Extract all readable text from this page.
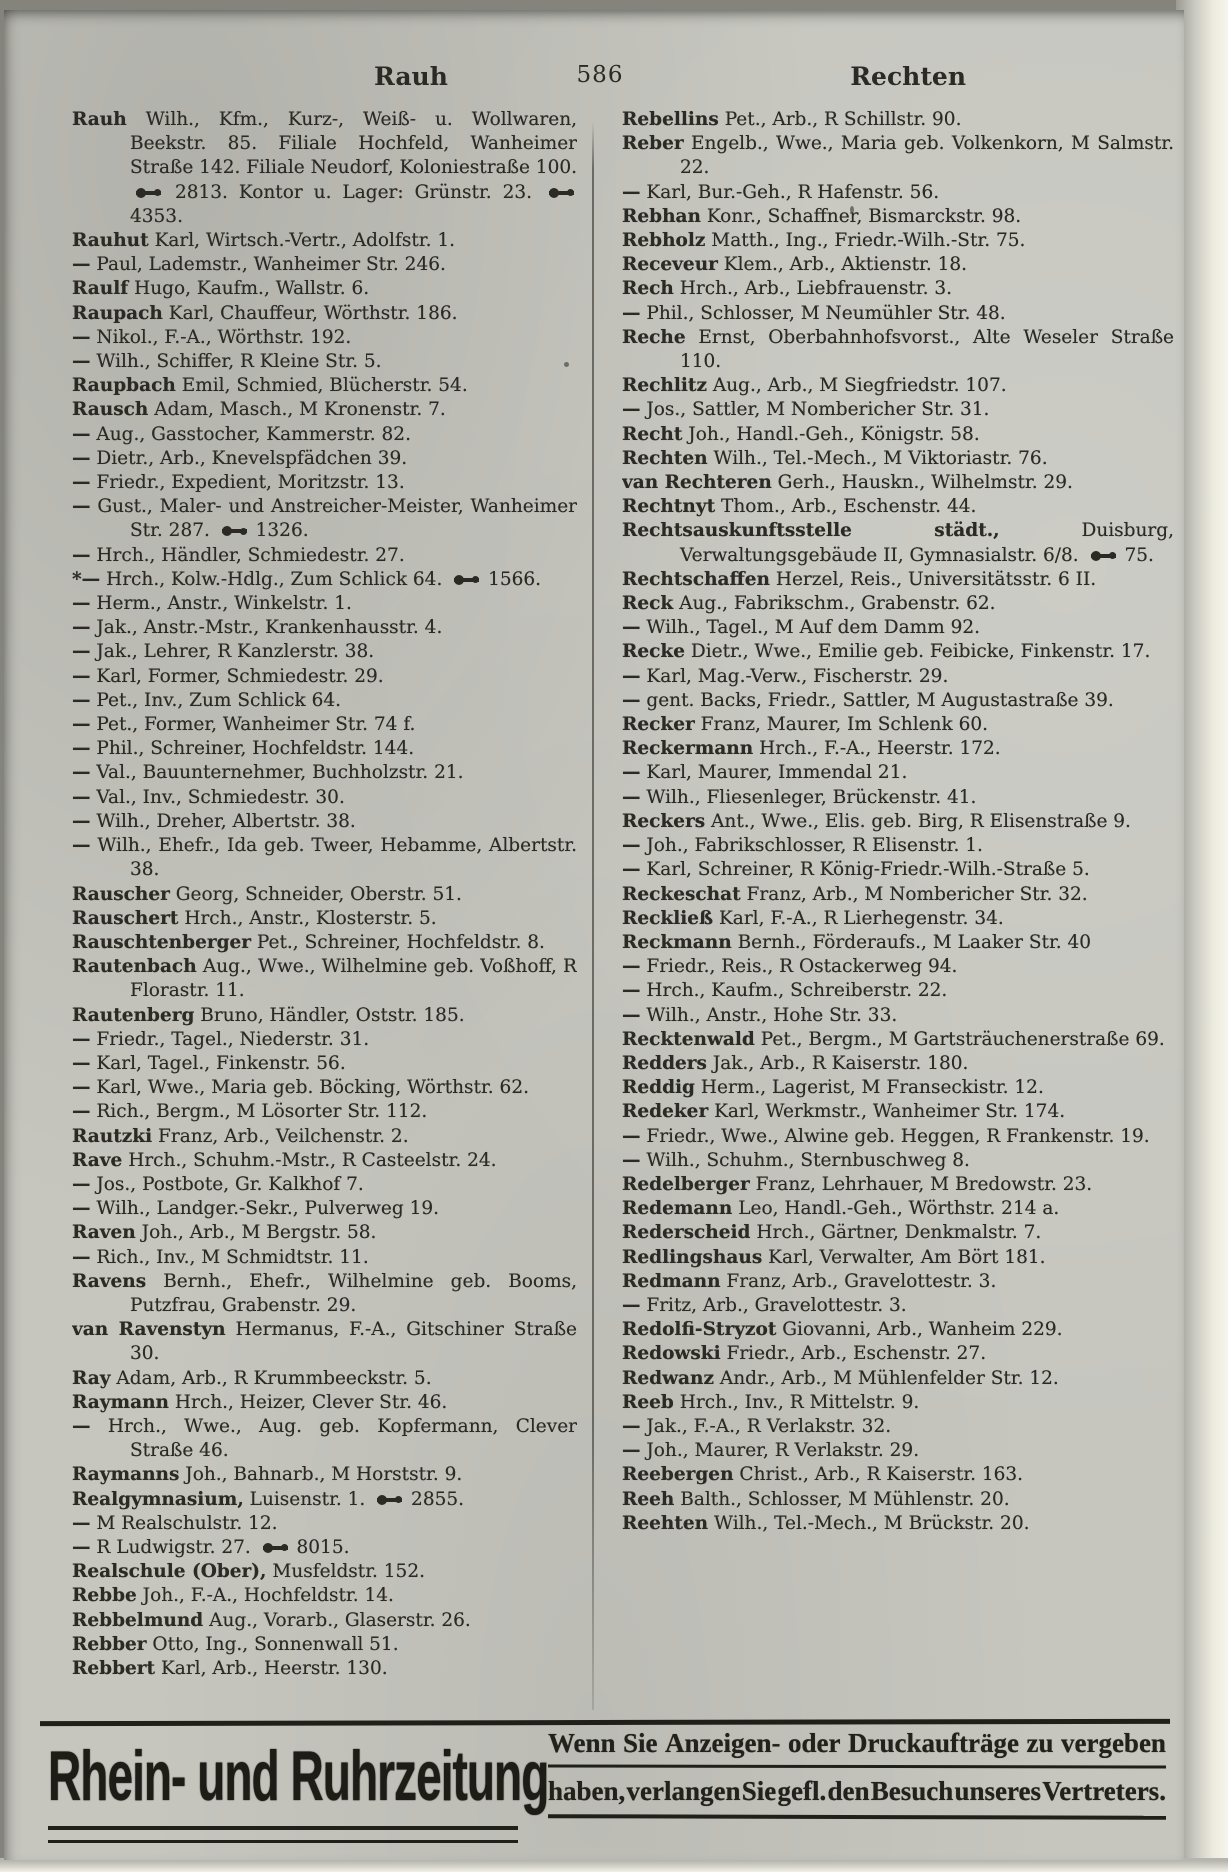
Rauh	586	Rechten

Rauh Wilh., Kfm., Kurz-, Weiß- u. Wollwaren, Beekstr. 85. Filiale Hochfeld, Wanheimer Straße 142. Filiale Neudorf, Koloniestraße 100.  2813. Kontor u. Lager: Grünstr. 23.  4353.

Rauhut Karl, Wirtsch.-Vertr., Adolfstr. 1.

— Paul, Lademstr., Wanheimer Str. 246.

Raulf Hugo, Kaufm., Wallstr. 6.

Raupach Karl, Chauffeur, Wörthstr. 186.

— Nikol., F.-A., Wörthstr. 192.

— Wilh., Schiffer, R Kleine Str. 5.

Raupbach Emil, Schmied, Blücherstr. 54.

Rausch Adam, Masch., M Kronenstr. 7.

— Aug., Gasstocher, Kammerstr. 82.

— Dietr., Arb., Knevelspfädchen 39.

— Friedr., Expedient, Moritzstr. 13.

— Gust., Maler- und Anstreicher-Meister, Wanheimer Str. 287.  1326.

— Hrch., Händler, Schmiedestr. 27.

*— Hrch., Kolw.-Hdlg., Zum Schlick 64.  1566.

— Herm., Anstr., Winkelstr. 1.

— Jak., Anstr.-Mstr., Krankenhausstr. 4.

— Jak., Lehrer, R Kanzlerstr. 38.

— Karl, Former, Schmiedestr. 29.

— Pet., Inv., Zum Schlick 64.

— Pet., Former, Wanheimer Str. 74 f.

— Phil., Schreiner, Hochfeldstr. 144.

— Val., Bauunternehmer, Buchholzstr. 21.

— Val., Inv., Schmiedestr. 30.

— Wilh., Dreher, Albertstr. 38.

— Wilh., Ehefr., Ida geb. Tweer, Hebamme, Albertstr. 38.

Rauscher Georg, Schneider, Oberstr. 51.

Rauschert Hrch., Anstr., Klosterstr. 5.

Rauschtenberger Pet., Schreiner, Hochfeldstr. 8.

Rautenbach Aug., Wwe., Wilhelmine geb. Voßhoff, R Florastr. 11.

Rautenberg Bruno, Händler, Oststr. 185.

— Friedr., Tagel., Niederstr. 31.

— Karl, Tagel., Finkenstr. 56.

— Karl, Wwe., Maria geb. Böcking, Wörthstr. 62.

— Rich., Bergm., M Lösorter Str. 112.

Rautzki Franz, Arb., Veilchenstr. 2.

Rave Hrch., Schuhm.-Mstr., R Casteelstr. 24.

— Jos., Postbote, Gr. Kalkhof 7.

— Wilh., Landger.-Sekr., Pulverweg 19.

Raven Joh., Arb., M Bergstr. 58.

— Rich., Inv., M Schmidtstr. 11.

Ravens Bernh., Ehefr., Wilhelmine geb. Booms, Putzfrau, Grabenstr. 29.

van Ravenstyn Hermanus, F.-A., Gitschiner Straße 30.

Ray Adam, Arb., R Krummbeeckstr. 5.

Raymann Hrch., Heizer, Clever Str. 46.

— Hrch., Wwe., Aug. geb. Kopfermann, Clever Straße 46.

Raymanns Joh., Bahnarb., M Horststr. 9.

Realgymnasium, Luisenstr. 1.  2855.

— M Realschulstr. 12.

— R Ludwigstr. 27.  8015.

Realschule (Ober), Musfeldstr. 152.

Rebbe Joh., F.-A., Hochfeldstr. 14.

Rebbelmund Aug., Vorarb., Glaserstr. 26.

Rebber Otto, Ing., Sonnenwall 51.

Rebbert Karl, Arb., Heerstr. 130.

Rebellins Pet., Arb., R Schillstr. 90.

Reber Engelb., Wwe., Maria geb. Volkenkorn, M Salmstr. 22.

— Karl, Bur.-Geh., R Hafenstr. 56.

Rebhan Konr., Schaffner, Bismarckstr. 98.

Rebholz Matth., Ing., Friedr.-Wilh.-Str. 75.

Receveur Klem., Arb., Aktienstr. 18.

Rech Hrch., Arb., Liebfrauenstr. 3.

— Phil., Schlosser, M Neumühler Str. 48.

Reche Ernst, Oberbahnhofsvorst., Alte Weseler Straße 110.

Rechlitz Aug., Arb., M Siegfriedstr. 107.

— Jos., Sattler, M Nombericher Str. 31.

Recht Joh., Handl.-Geh., Königstr. 58.

Rechten Wilh., Tel.-Mech., M Viktoriastr. 76.

van Rechteren Gerh., Hauskn., Wilhelmstr. 29.

Rechtnyt Thom., Arb., Eschenstr. 44.

Rechtsauskunftsstelle städt., Duisburg, Verwaltungsgebäude II, Gymnasialstr. 6/8.  75.

Rechtschaffen Herzel, Reis., Universitätsstr. 6 II.

Reck Aug., Fabrikschm., Grabenstr. 62.

— Wilh., Tagel., M Auf dem Damm 92.

Recke Dietr., Wwe., Emilie geb. Feibicke, Finkenstr. 17.

— Karl, Mag.-Verw., Fischerstr. 29.

— gent. Backs, Friedr., Sattler, M Augustastraße 39.

Recker Franz, Maurer, Im Schlenk 60.

Reckermann Hrch., F.-A., Heerstr. 172.

— Karl, Maurer, Immendal 21.

— Wilh., Fliesenleger, Brückenstr. 41.

Reckers Ant., Wwe., Elis. geb. Birg, R Elisenstraße 9.

— Joh., Fabrikschlosser, R Elisenstr. 1.

— Karl, Schreiner, R König-Friedr.-Wilh.-Straße 5.

Reckeschat Franz, Arb., M Nombericher Str. 32.

Reckließ Karl, F.-A., R Lierhegenstr. 34.

Reckmann Bernh., Förderaufs., M Laaker Str. 40

— Friedr., Reis., R Ostackerweg 94.

— Hrch., Kaufm., Schreiberstr. 22.

— Wilh., Anstr., Hohe Str. 33.

Recktenwald Pet., Bergm., M Gartsträuchenerstraße 69.

Redders Jak., Arb., R Kaiserstr. 180.

Reddig Herm., Lagerist, M Franseckistr. 12.

Redeker Karl, Werkmstr., Wanheimer Str. 174.

— Friedr., Wwe., Alwine geb. Heggen, R Frankenstr. 19.

— Wilh., Schuhm., Sternbuschweg 8.

Redelberger Franz, Lehrhauer, M Bredowstr. 23.

Redemann Leo, Handl.-Geh., Wörthstr. 214 a.

Rederscheid Hrch., Gärtner, Denkmalstr. 7.

Redlingshaus Karl, Verwalter, Am Bört 181.

Redmann Franz, Arb., Gravelottestr. 3.

— Fritz, Arb., Gravelottestr. 3.

Redolfi-Stryzot Giovanni, Arb., Wanheim 229.

Redowski Friedr., Arb., Eschenstr. 27.

Redwanz Andr., Arb., M Mühlenfelder Str. 12.

Reeb Hrch., Inv., R Mittelstr. 9.

— Jak., F.-A., R Verlakstr. 32.

— Joh., Maurer, R Verlakstr. 29.

Reebergen Christ., Arb., R Kaiserstr. 163.

Reeh Balth., Schlosser, M Mühlenstr. 20.

Reehten Wilh., Tel.-Mech., M Brückstr. 20.

Rhein- und Ruhrzeitung Wenn Sie Anzeigen- oder Druckaufträge zu vergeben
haben, verlangen Sie gefl. den Besuch unseres Vertreters.
